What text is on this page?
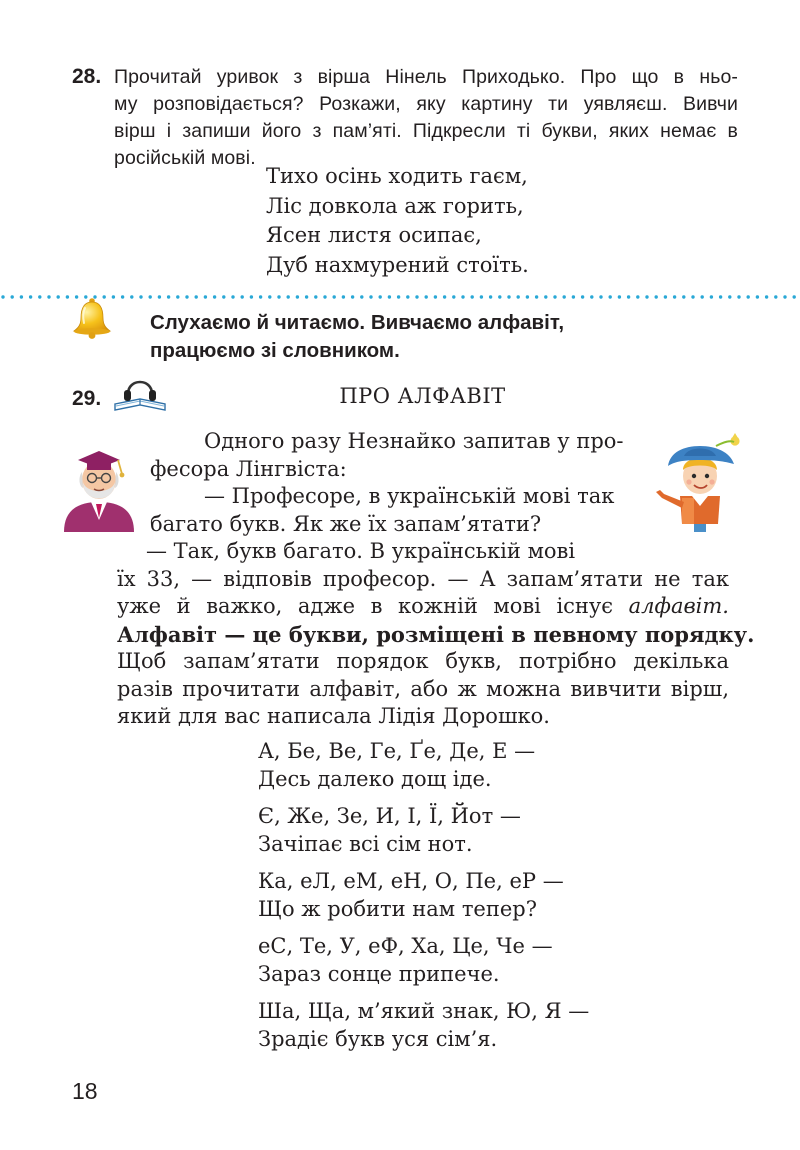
28. Прочитай уривок з вірша Нінель Приходько. Про що в ньо-
му розповідається? Розкажи, яку картину ти уявляєш. Вивчи
вірш і запиши його з пам’яті. Підкресли ті букви, яких немає в
російській мові.
Тихо осінь ходить гаєм,
Ліс довкола аж горить,
Ясен листя осипає,
Дуб нахмурений стоїть.
Слухаємо й читаємо. Вивчаємо алфавіт,
працюємо зі словником.
29.	ПРО АЛФАВІТ
Одного разу Незнайко запитав у про-
фесора Лінгвіста:
— Професоре, в українській мові так
багато букв. Як же їх запам’ятати?
— Так, букв багато. В українській мові
їх 33, — відповів професор. — А запам’ятати не так
уже й важко, адже в кожній мові існує алфавіт.
Алфавіт — це букви, розміщені в певному порядку.
Щоб запам’ятати порядок букв, потрібно декілька
разів прочитати алфавіт, або ж можна вивчити вірш,
який для вас написала Лідія Дорошко.
А, Бе, Ве, Ге, Ґе, Де, Е —
Десь далеко дощ іде.
Є, Же, Зе, И, І, Ї, Йот —
Зачіпає всі сім нот.
Ка, еЛ, еМ, еН, О, Пе, еР —
Що ж робити нам тепер?
еС, Те, У, еФ, Ха, Це, Че —
Зараз сонце припече.
Ша, Ща, м’який знак, Ю, Я —
Зрадіє букв уся сім’я.
18
